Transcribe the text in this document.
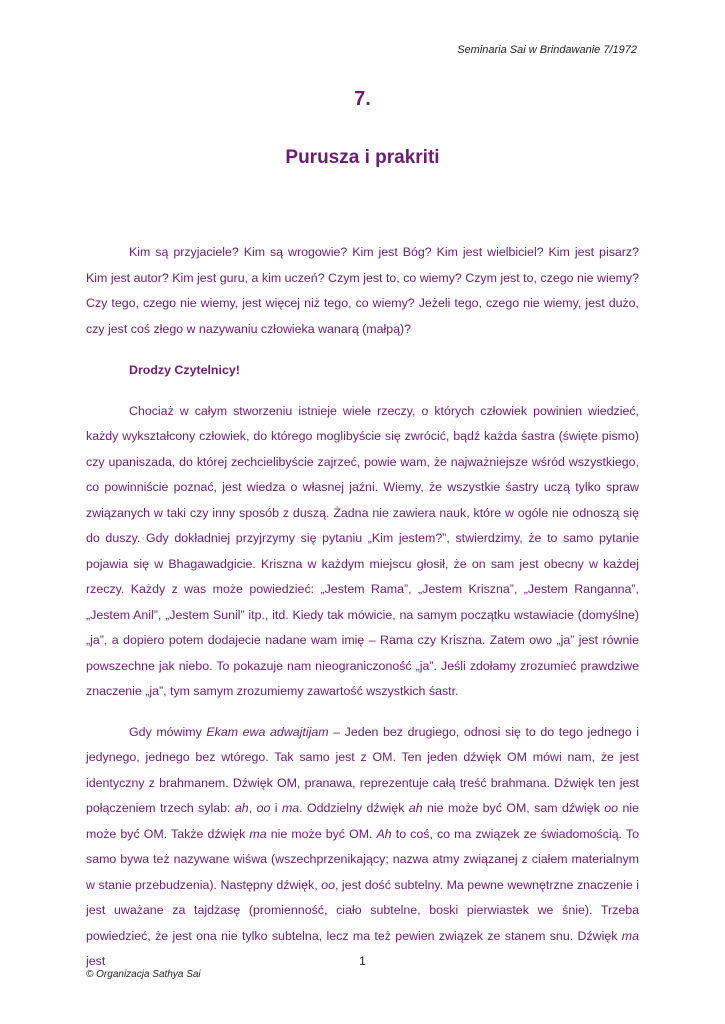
Seminaria Sai w Brindawanie 7/1972
7.
Purusza i prakriti

Kim są przyjaciele? Kim są wrogowie? Kim jest Bóg? Kim jest wielbiciel? Kim jest pisarz? Kim jest autor? Kim jest guru, a kim uczeń? Czym jest to, co wiemy? Czym jest to, czego nie wiemy? Czy tego, czego nie wiemy, jest więcej niż tego, co wiemy? Jeżeli tego, czego nie wiemy, jest dużo, czy jest coś złego w nazywaniu człowieka wanarą (małpą)?

Drodzy Czytelnicy!

Chociaż w całym stworzeniu istnieje wiele rzeczy, o których człowiek powinien wiedzieć, każdy wykształcony człowiek, do którego moglibyście się zwrócić, bądź każda śastra (święte pismo) czy upaniszada, do której zechcielibyście zajrzeć, powie wam, że najważniejsze wśród wszystkiego, co powinniście poznać, jest wiedza o własnej jaźni. Wiemy, że wszystkie śastry uczą tylko spraw związanych w taki czy inny sposób z duszą. Żadna nie zawiera nauk, które w ogóle nie odnoszą się do duszy. Gdy dokładniej przyjrzymy się pytaniu „Kim jestem?”, stwierdzimy, że to samo pytanie pojawia się w Bhagawadgicie. Kriszna w każdym miejscu głosił, że on sam jest obecny w każdej rzeczy. Każdy z was może powiedzieć: „Jestem Rama”, „Jestem Kriszna”, „Jestem Ranganna”, „Jestem Anil”, „Jestem Sunil” itp., itd. Kiedy tak mówicie, na samym początku wstawiacie (domyślne) „ja”, a dopiero potem dodajecie nadane wam imię – Rama czy Kriszna. Zatem owo „ja” jest równie powszechne jak niebo. To pokazuje nam nieograniczoność „ja”. Jeśli zdołamy zrozumieć prawdziwe znaczenie „ja”, tym samym zrozumiemy zawartość wszystkich śastr.

Gdy mówimy Ekam ewa adwajtijam – Jeden bez drugiego, odnosi się to do tego jednego i jedynego, jednego bez wtórego. Tak samo jest z OM. Ten jeden dźwięk OM mówi nam, że jest identyczny z brahmanem. Dźwięk OM, pranawa, reprezentuje całą treść brahmana. Dźwięk ten jest połączeniem trzech sylab: ah, oo i ma. Oddzielny dźwięk ah nie może być OM, sam dźwięk oo nie może być OM. Także dźwięk ma nie może być OM. Ah to coś, co ma związek ze świadomością. To samo bywa też nazywane wiśwa (wszechprzenikający; nazwa atmy związanej z ciałem materialnym w stanie przebudzenia). Następny dźwięk, oo, jest dość subtelny. Ma pewne wewnętrzne znaczenie i jest uważane za tajdżasę (promienność, ciało subtelne, boski pierwiastek we śnie). Trzeba powiedzieć, że jest ona nie tylko subtelna, lecz ma też pewien związek ze stanem snu. Dźwięk ma jest	1
© Organizacja Sathya Sai
